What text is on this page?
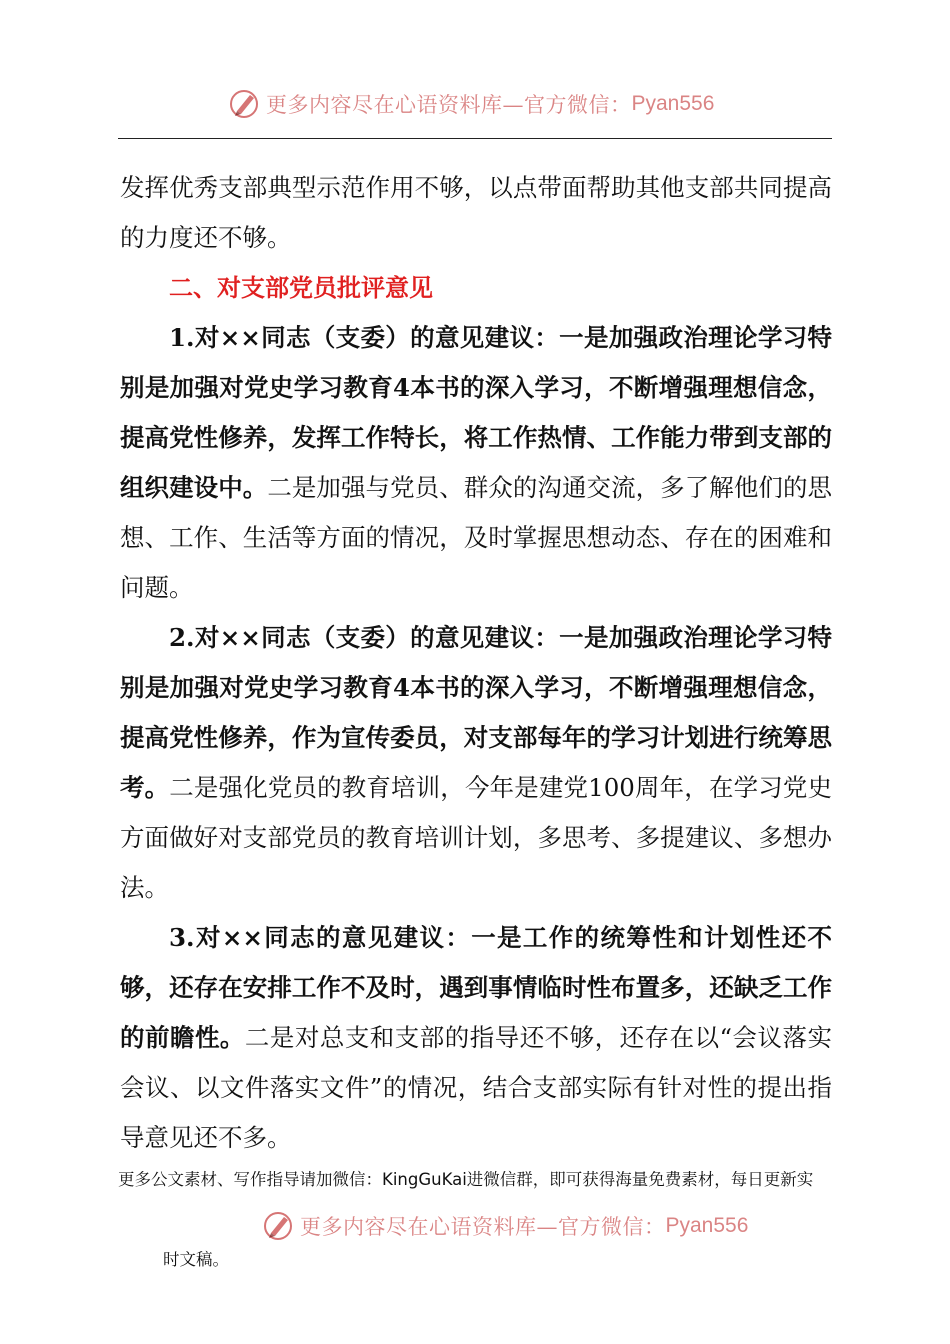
更多内容尽在心语资料库—官方微信： Pyan556

发挥优秀支部典型示范作用不够，以点带面帮助其他支部共同提高的力度还不够。

二、对支部党员批评意见

1.对××同志（支委）的意见建议：一是加强政治理论学习特别是加强对党史学习教育4本书的深入学习，不断增强理想信念，提高党性修养，发挥工作特长，将工作热情、工作能力带到支部的组织建设中。二是加强与党员、群众的沟通交流，多了解他们的思想、工作、生活等方面的情况，及时掌握思想动态、存在的困难和问题。

2.对××同志（支委）的意见建议：一是加强政治理论学习特别是加强对党史学习教育4本书的深入学习，不断增强理想信念，提高党性修养，作为宣传委员，对支部每年的学习计划进行统筹思考。二是强化党员的教育培训，今年是建党100周年，在学习党史方面做好对支部党员的教育培训计划，多思考、多提建议、多想办法。

3.对××同志的意见建议：一是工作的统筹性和计划性还不够，还存在安排工作不及时，遇到事情临时性布置多，还缺乏工作的前瞻性。二是对总支和支部的指导还不够，还存在以“会议落实会议、以文件落实文件”的情况，结合支部实际有针对性的提出指导意见还不多。

更多公文素材、写作指导请加微信：KingGuKai进微信群，即可获得海量免费素材，每日更新实
更多内容尽在心语资料库—官方微信： Pyan556
时文稿。
